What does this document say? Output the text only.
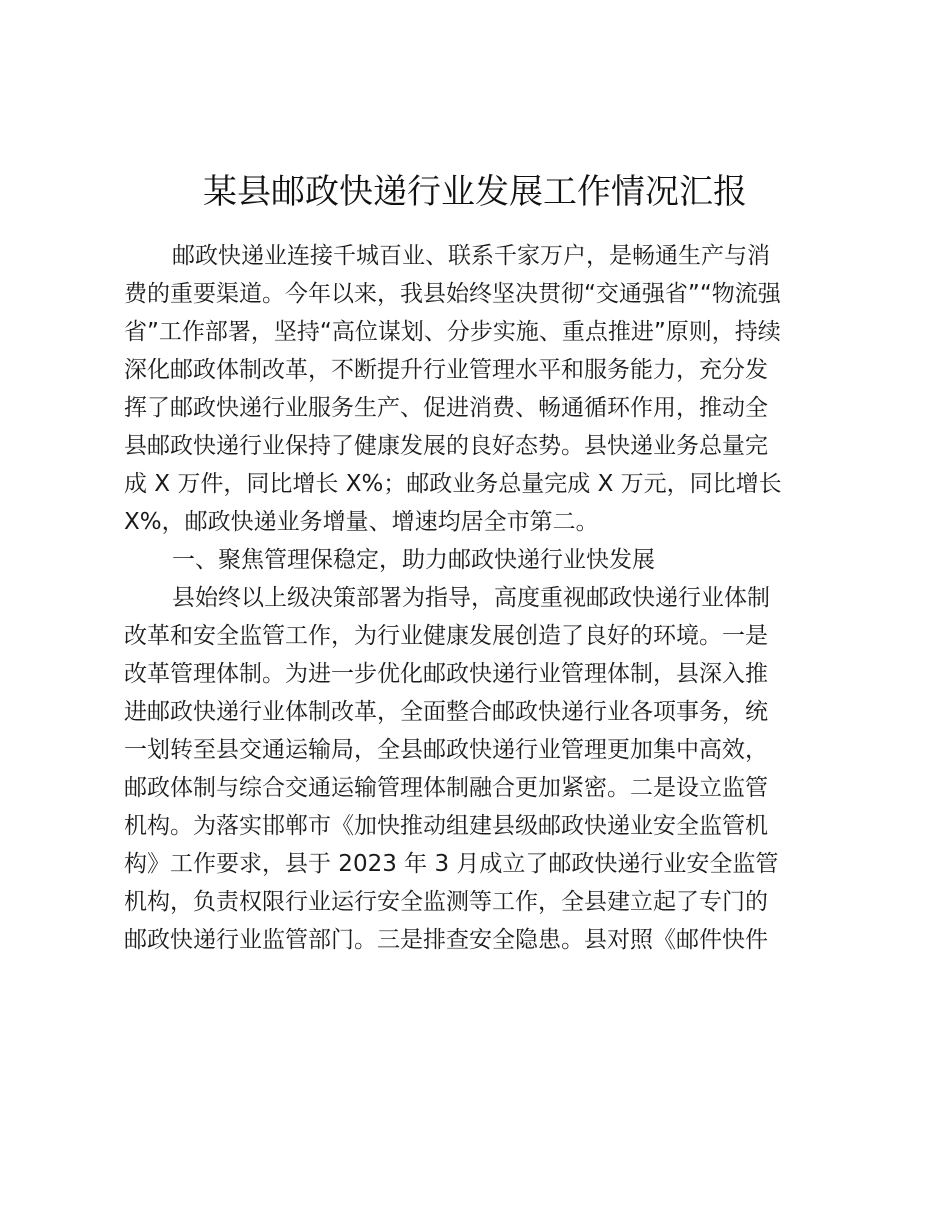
某县邮政快递行业发展工作情况汇报

邮政快递业连接千城百业、联系千家万户，是畅通生产与消

费的重要渠道。今年以来，我县始终坚决贯彻“交通强省”“物流强

省”工作部署，坚持“高位谋划、分步实施、重点推进”原则，持续

深化邮政体制改革，不断提升行业管理水平和服务能力，充分发

挥了邮政快递行业服务生产、促进消费、畅通循环作用，推动全

县邮政快递行业保持了健康发展的良好态势。县快递业务总量完

成 X 万件，同比增长 X%；邮政业务总量完成 X 万元，同比增长

X%，邮政快递业务增量、增速均居全市第二。

一、聚焦管理保稳定，助力邮政快递行业快发展

县始终以上级决策部署为指导，高度重视邮政快递行业体制

改革和安全监管工作，为行业健康发展创造了良好的环境。一是

改革管理体制。为进一步优化邮政快递行业管理体制，县深入推

进邮政快递行业体制改革，全面整合邮政快递行业各项事务，统

一划转至县交通运输局，全县邮政快递行业管理更加集中高效，

邮政体制与综合交通运输管理体制融合更加紧密。二是设立监管

机构。为落实邯郸市《加快推动组建县级邮政快递业安全监管机

构》工作要求，县于 2023 年 3 月成立了邮政快递行业安全监管

机构，负责权限行业运行安全监测等工作，全县建立起了专门的

邮政快递行业监管部门。三是排查安全隐患。县对照《邮件快件
